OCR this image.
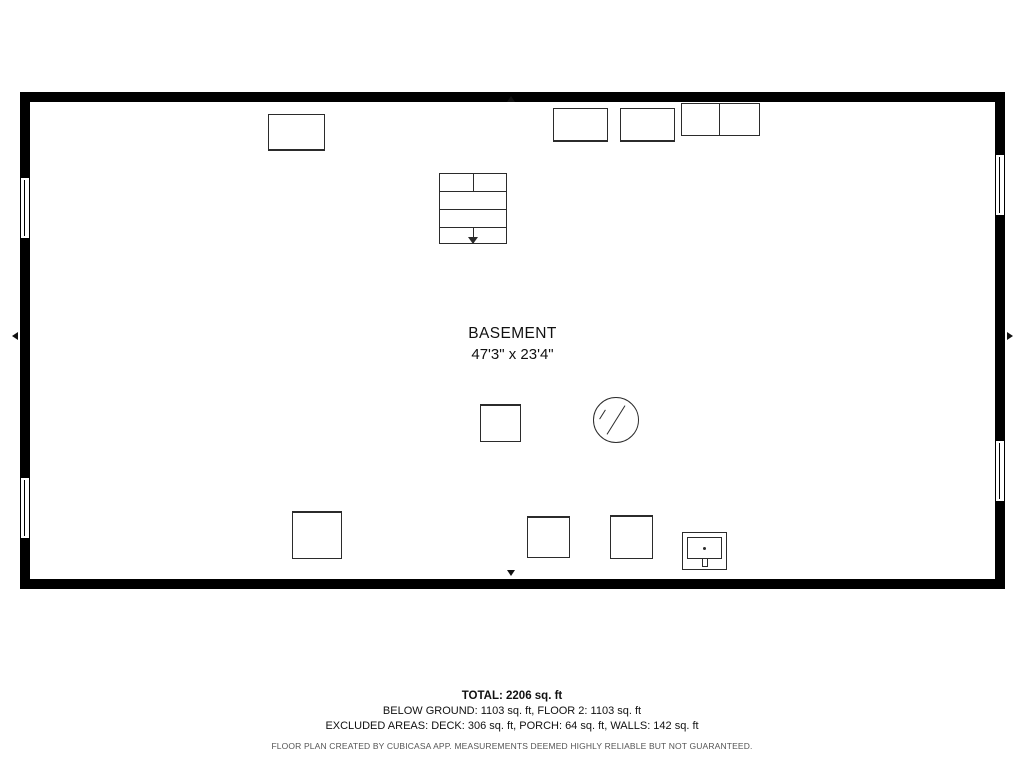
BASEMENT
47'3" x 23'4"
TOTAL: 2206 sq. ft
BELOW GROUND: 1103 sq. ft, FLOOR 2: 1103 sq. ft
EXCLUDED AREAS: DECK: 306 sq. ft, PORCH: 64 sq. ft, WALLS: 142 sq. ft
FLOOR PLAN CREATED BY CUBICASA APP. MEASUREMENTS DEEMED HIGHLY RELIABLE BUT NOT GUARANTEED.
